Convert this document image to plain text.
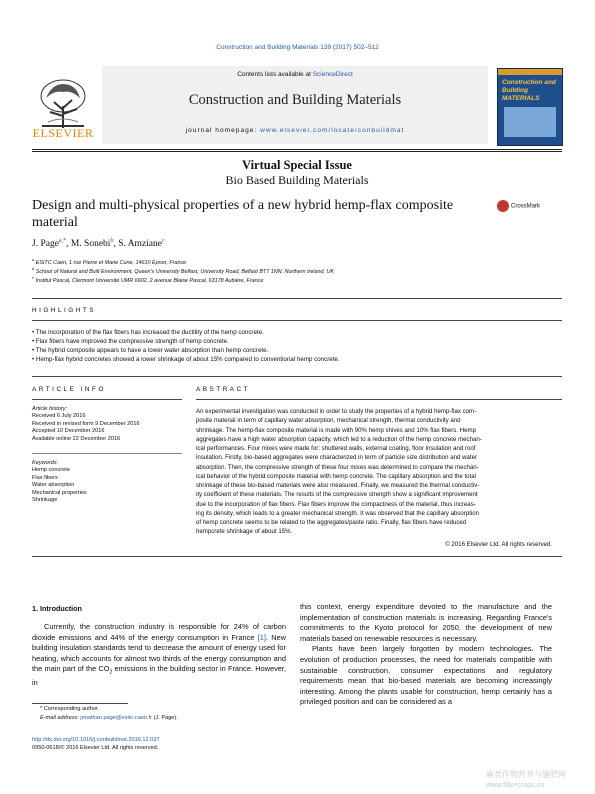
Construction and Building Materials 139 (2017) 502–512
ELSEVIER
Contents lists available at ScienceDirect
Construction and Building Materials
journal homepage: www.elsevier.com/locate/conbuildmat
Construction and Building MATERIALS
Virtual Special Issue
Bio Based Building Materials
Design and multi-physical properties of a new hybrid hemp-flax composite material
CrossMark
J. Page$^{a,*}$, M. Sonebi$^b$, S. Amziane$^c$
$^a$ ESITC Caen, 1 rue Pierre et Marie Curie, 14610 Epron, France
$^b$ School of Natural and Built Environment, Queen's University Belfast, University Road, Belfast BT7 1NN, Northern Ireland, UK
$^c$ Institut Pascal, Clermont Université UMR 6602, 2 avenue Blaise Pascal, 63178 Aubière, France
HIGHLIGHTS
• The incorporation of the flax fibers has increased the ductility of the hemp concrete.
• Flax fibers have improved the compressive strength of hemp concrete.
• The hybrid composite appears to have a lower water absorption than hemp concrete.
• Hemp-flax hybrid concretes showed a lower shrinkage of about 15% compared to conventional hemp concrete.
ARTICLE INFO	ABSTRACT
Article history:
Received 6 July 2016
Received in revised form 9 December 2016
Accepted 10 December 2016
Available online 22 December 2016
Keywords:
Hemp concrete
Flax fibers
Water absorption
Mechanical properties
Shrinkage
An experimental investigation was conducted in order to study the properties of a hybrid hemp-flax com-
posite material in term of capillary water absorption, mechanical strength, thermal conductivity and
shrinkage. The hemp-flax composite material is made with 90% hemp shives and 10% flax fibers. Hemp
aggregates have a high water absorption capacity, which led to a reduction of the hemp concrete mechan-
ical performances. Four mixes were made for: shuttered walls, external coating, floor insulation and roof
insulation. Firstly, bio-based aggregates were characterized in term of particle size distribution and water
absorption. Then, the compressive strength of these four mixes was determined to compare the mechan-
ical behavior of the hybrid composite material with hemp concrete. The capillary absorption and the total
shrinkage of these bio-based materials were also measured. Finally, we measured the thermal conductiv-
ity coefficient of these materials. The results of the compressive strength show a significant improvement
due to the incorporation of flax fibers. Flax fibers improve the compactness of the material, thus increas-
ing its density, which leads to a greater mechanical strength. It was observed that the capillary absorption
of hemp concrete seems to be related to the aggregates/paste ratio. Finally, flax fibers have reduced
hempcrete shrinkage of about 15%.
© 2016 Elsevier Ltd. All rights reserved.
1. Introduction

Currently, the construction industry is responsible for 24% of carbon dioxide emissions and 44% of the energy consumption in France [1]. New building insulation standards tend to decrease the amount of energy used for heating, which accounts for almost two thirds of the energy consumption and the main part of the $CO_2$ emissions in the building sector in France. However, in

this context, energy expenditure devoted to the manufacture and the implementation of construction materials is increasing. Regarding France's commitments to the Kyoto protocol for 2050, the development of new materials based on renewable resources is necessary.

Plants have been largely forgotten by modern technologies. The evolution of production processes, the need for materials compatible with sustainable construction, consumer expectations and regulatory requirements mean that bio-based materials are becoming increasingly interesting. Among the plants usable for construction, hemp certainly has a privileged position and can be considered as a

* Corresponding author.
E-mail address: jonathan.page@esitc-caen.fr (J. Page).
http://dx.doi.org/10.1016/j.conbuildmat.2016.12.037
0950-0618/© 2016 Elsevier Ltd. All rights reserved.
麻类作物营养与施肥网
www.fibercrops.cn
